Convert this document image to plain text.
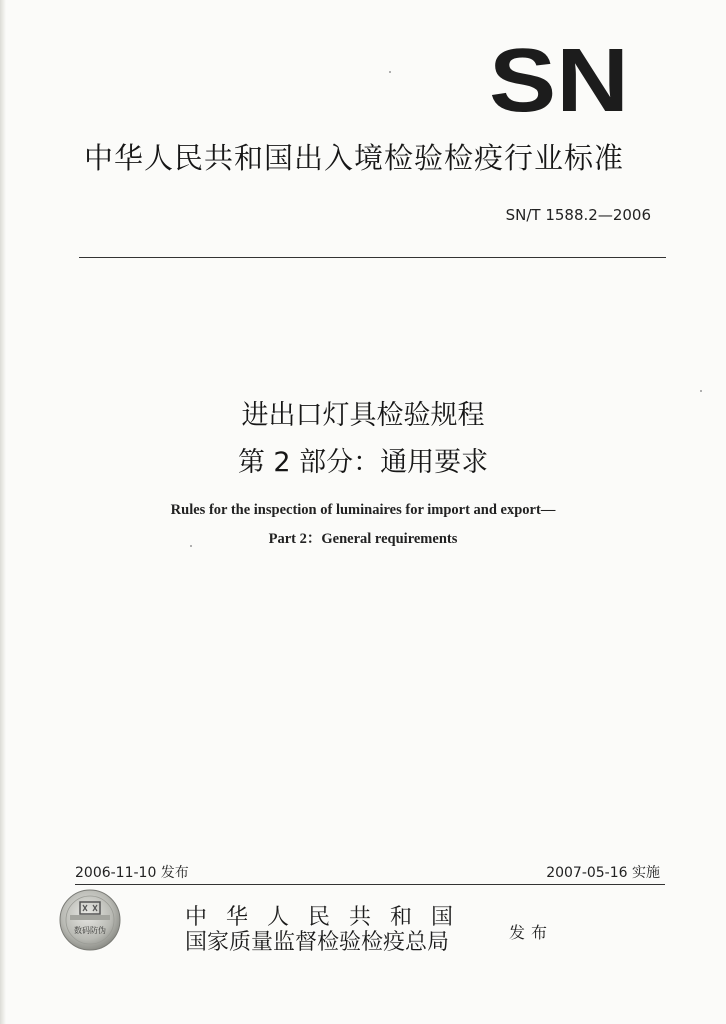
SN
中华人民共和国出入境检验检疫行业标准
SN/T 1588.2—2006
进出口灯具检验规程
第 2 部分：通用要求
Rules for the inspection of luminaires for import and export—
Part 2：General requirements
2006-11-10 发布	2007-05-16 实施
数码防伪
中华人民共和国
国家质量监督检验检疫总局	发布
